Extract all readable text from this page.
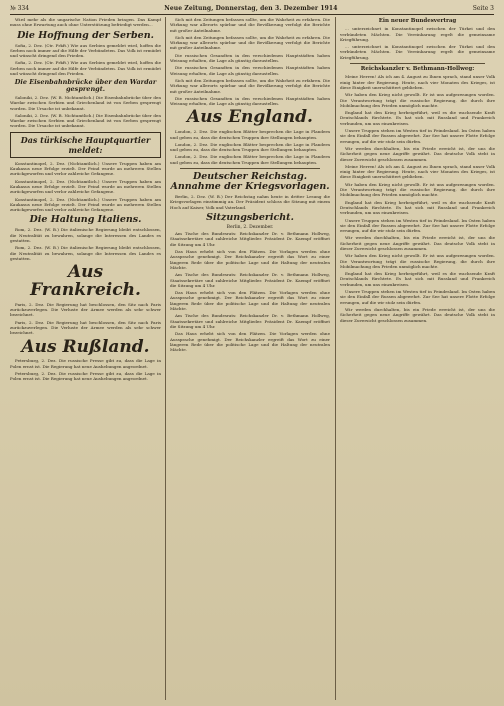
№ 334	Neue Zeitung, Donnerstag, den 3. Dezember 1914	Seite 3

Wird mehr als die ungarische Nation Frieden bringen. Das Kampf muss ohne Erwartung auch ohne Unterstützung befriedigt werden...

Die Hoffnung der Serben.

Sofia, 2. Dez. (Ctr. Frkft.) Wie aus Serbien gemeldet wird, hoffen die Serben noch immer auf die Hilfe der Verbündeten. Das Volk ist ermüdet und wünscht dringend den Frieden.

Sofia, 2. Dez. (Ctr. Frkft.) Wie aus Serbien gemeldet wird, hoffen die Serben noch immer auf die Hilfe der Verbündeten. Das Volk ist ermüdet und wünscht dringend den Frieden.

Die Eisenbahnbrücke über den Wardar gesprengt.

Saloniki, 2. Dez. (W. B. Nichtamtlich.) Die Eisenbahnbrücke über den Wardar zwischen Serbien und Griechenland ist von Serben gesprengt worden. Die Ursache ist unbekannt.

Saloniki, 2. Dez. (W. B. Nichtamtlich.) Die Eisenbahnbrücke über den Wardar zwischen Serbien und Griechenland ist von Serben gesprengt worden. Die Ursache ist unbekannt.

Das türkische Hauptquartier meldet:

Konstantinopel, 2. Dez. (Nichtamtlich.) Unsere Truppen haben am Kaukasus neue Erfolge erzielt. Der Feind wurde an mehreren Stellen zurückgeworfen und verlor zahlreiche Gefangene.

Konstantinopel, 2. Dez. (Nichtamtlich.) Unsere Truppen haben am Kaukasus neue Erfolge erzielt. Der Feind wurde an mehreren Stellen zurückgeworfen und verlor zahlreiche Gefangene.

Konstantinopel, 2. Dez. (Nichtamtlich.) Unsere Truppen haben am Kaukasus neue Erfolge erzielt. Der Feind wurde an mehreren Stellen zurückgeworfen und verlor zahlreiche Gefangene.

Die Haltung Italiens.

Rom, 2. Dez. (W. B.) Die italienische Regierung bleibt entschlossen, die Neutralität zu bewahren, solange die Interessen des Landes es gestatten.

Rom, 2. Dez. (W. B.) Die italienische Regierung bleibt entschlossen, die Neutralität zu bewahren, solange die Interessen des Landes es gestatten.

Aus Frankreich.

Paris, 2. Dez. Die Regierung hat beschlossen, den Sitz nach Paris zurückzuverlegen. Die Verluste der Armee werden als sehr schwer bezeichnet.

Paris, 2. Dez. Die Regierung hat beschlossen, den Sitz nach Paris zurückzuverlegen. Die Verluste der Armee werden als sehr schwer bezeichnet.

Aus Rußland.

Petersburg, 2. Dez. Die russische Presse gibt zu, dass die Lage in Polen ernst ist. Die Regierung hat neue Aushebungen angeordnet.

Petersburg, 2. Dez. Die russische Presse gibt zu, dass die Lage in Polen ernst ist. Die Regierung hat neue Aushebungen angeordnet.

Sich mit den Zeitungen befassen sollte, um die Wahrheit zu erfahren. Die Wirkung war allerorts spürbar und die Bevölkerung verfolgt die Berichte mit großer Anteilnahme.

Sich mit den Zeitungen befassen sollte, um die Wahrheit zu erfahren. Die Wirkung war allerorts spürbar und die Bevölkerung verfolgt die Berichte mit großer Anteilnahme.

Die russischen Gesandten in den verschiedenen Hauptstädten haben Weisung erhalten, die Lage als günstig darzustellen.

Die russischen Gesandten in den verschiedenen Hauptstädten haben Weisung erhalten, die Lage als günstig darzustellen.

Sich mit den Zeitungen befassen sollte, um die Wahrheit zu erfahren. Die Wirkung war allerorts spürbar und die Bevölkerung verfolgt die Berichte mit großer Anteilnahme.

Die russischen Gesandten in den verschiedenen Hauptstädten haben Weisung erhalten, die Lage als günstig darzustellen.

Aus England.

London, 2. Dez. Die englischen Blätter besprechen die Lage in Flandern und geben zu, dass die deutschen Truppen ihre Stellungen behaupten.

London, 2. Dez. Die englischen Blätter besprechen die Lage in Flandern und geben zu, dass die deutschen Truppen ihre Stellungen behaupten.

London, 2. Dez. Die englischen Blätter besprechen die Lage in Flandern und geben zu, dass die deutschen Truppen ihre Stellungen behaupten.

Deutscher Reichstag. Annahme der Kriegsvorlagen.

Berlin, 2. Dez. (W. B.) Der Reichstag nahm heute in dritter Lesung die Kriegsvorlagen einstimmig an. Der Präsident schloss die Sitzung mit einem Hoch auf Kaiser, Volk und Vaterland.

Sitzungsbericht.
Berlin, 2. Dezember.

Am Tische des Bundesrats: Reichskanzler Dr. v. Bethmann Hollweg, Staatssekretäre und zahlreiche Mitglieder. Präsident Dr. Kaempf eröffnet die Sitzung um 4 Uhr.

Das Haus erhebt sich von den Plätzen. Die Vorlagen werden ohne Aussprache genehmigt. Der Reichskanzler ergreift das Wort zu einer längeren Rede über die politische Lage und die Haltung der neutralen Mächte.

Am Tische des Bundesrats: Reichskanzler Dr. v. Bethmann Hollweg, Staatssekretäre und zahlreiche Mitglieder. Präsident Dr. Kaempf eröffnet die Sitzung um 4 Uhr.

Das Haus erhebt sich von den Plätzen. Die Vorlagen werden ohne Aussprache genehmigt. Der Reichskanzler ergreift das Wort zu einer längeren Rede über die politische Lage und die Haltung der neutralen Mächte.

Am Tische des Bundesrats: Reichskanzler Dr. v. Bethmann Hollweg, Staatssekretäre und zahlreiche Mitglieder. Präsident Dr. Kaempf eröffnet die Sitzung um 4 Uhr.

Das Haus erhebt sich von den Plätzen. Die Vorlagen werden ohne Aussprache genehmigt. Der Reichskanzler ergreift das Wort zu einer längeren Rede über die politische Lage und die Haltung der neutralen Mächte.

Ein neuer Bundesvertrag

... unterzeichnet in Konstantinopel zwischen der Türkei und den verbündeten Mächten. Die Vereinbarung regelt die gemeinsame Kriegführung.

... unterzeichnet in Konstantinopel zwischen der Türkei und den verbündeten Mächten. Die Vereinbarung regelt die gemeinsame Kriegführung.

Reichskanzler v. Bethmann-Hollweg:

Meine Herren! Als ich am 4. August zu Ihnen sprach, stand unser Volk einig hinter der Regierung. Heute, nach vier Monaten des Krieges, ist diese Einigkeit unerschüttert geblieben.

Wir haben den Krieg nicht gewollt. Er ist uns aufgezwungen worden. Die Verantwortung trägt die russische Regierung, die durch ihre Mobilmachung den Frieden unmöglich machte.

England hat den Krieg herbeigeführt, weil es die wachsende Kraft Deutschlands fürchtete. Es hat sich mit Russland und Frankreich verbunden, um uns einzukreisen.

Unsere Truppen stehen im Westen tief in Feindesland. Im Osten haben sie den Einfall der Russen abgewehrt. Zur See hat unsere Flotte Erfolge errungen, auf die wir stolz sein dürfen.

Wir werden durchhalten, bis ein Friede erreicht ist, der uns die Sicherheit gegen neue Angriffe gewährt. Das deutsche Volk steht in dieser Zuversicht geschlossen zusammen.

Meine Herren! Als ich am 4. August zu Ihnen sprach, stand unser Volk einig hinter der Regierung. Heute, nach vier Monaten des Krieges, ist diese Einigkeit unerschüttert geblieben.

Wir haben den Krieg nicht gewollt. Er ist uns aufgezwungen worden. Die Verantwortung trägt die russische Regierung, die durch ihre Mobilmachung den Frieden unmöglich machte.

England hat den Krieg herbeigeführt, weil es die wachsende Kraft Deutschlands fürchtete. Es hat sich mit Russland und Frankreich verbunden, um uns einzukreisen.

Unsere Truppen stehen im Westen tief in Feindesland. Im Osten haben sie den Einfall der Russen abgewehrt. Zur See hat unsere Flotte Erfolge errungen, auf die wir stolz sein dürfen.

Wir werden durchhalten, bis ein Friede erreicht ist, der uns die Sicherheit gegen neue Angriffe gewährt. Das deutsche Volk steht in dieser Zuversicht geschlossen zusammen.

Wir haben den Krieg nicht gewollt. Er ist uns aufgezwungen worden. Die Verantwortung trägt die russische Regierung, die durch ihre Mobilmachung den Frieden unmöglich machte.

England hat den Krieg herbeigeführt, weil es die wachsende Kraft Deutschlands fürchtete. Es hat sich mit Russland und Frankreich verbunden, um uns einzukreisen.

Unsere Truppen stehen im Westen tief in Feindesland. Im Osten haben sie den Einfall der Russen abgewehrt. Zur See hat unsere Flotte Erfolge errungen, auf die wir stolz sein dürfen.

Wir werden durchhalten, bis ein Friede erreicht ist, der uns die Sicherheit gegen neue Angriffe gewährt. Das deutsche Volk steht in dieser Zuversicht geschlossen zusammen.
